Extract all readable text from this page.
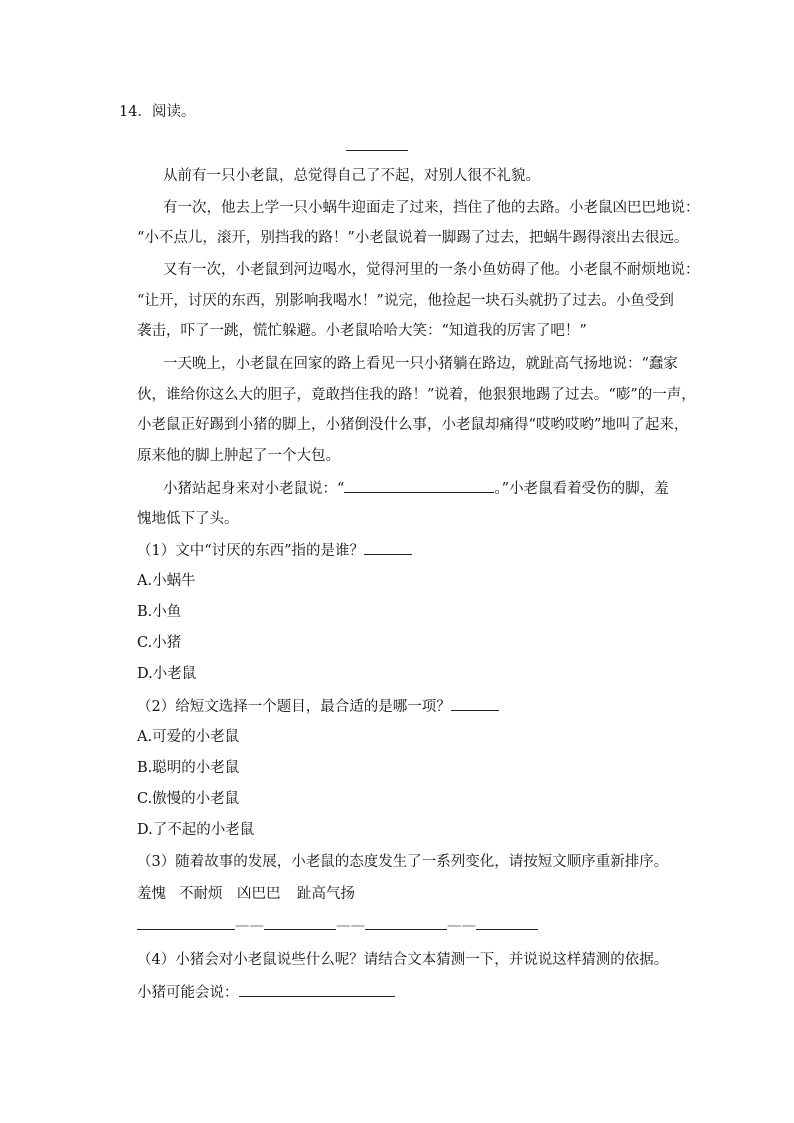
14．阅读。
从前有一只小老鼠，总觉得自己了不起，对别人很不礼貌。
有一次，他去上学一只小蜗牛迎面走了过来，挡住了他的去路。小老鼠凶巴巴地说：
“小不点儿，滚开，别挡我的路！”小老鼠说着一脚踢了过去，把蜗牛踢得滚出去很远。
又有一次，小老鼠到河边喝水，觉得河里的一条小鱼妨碍了他。小老鼠不耐烦地说：
“让开，讨厌的东西，别影响我喝水！”说完，他捡起一块石头就扔了过去。小鱼受到
袭击，吓了一跳，慌忙躲避。小老鼠哈哈大笑：“知道我的厉害了吧！”
一天晚上，小老鼠在回家的路上看见一只小猪躺在路边，就趾高气扬地说：“蠢家
伙，谁给你这么大的胆子，竟敢挡住我的路！”说着，他狠狠地踢了过去。“嘭”的一声，
小老鼠正好踢到小猪的脚上，小猪倒没什么事，小老鼠却痛得“哎哟哎哟”地叫了起来，
原来他的脚上肿起了一个大包。
小猪站起身来对小老鼠说：“	。”小老鼠看着受伤的脚，羞
愧地低下了头。
（1）文中“讨厌的东西”指的是谁？
A.小蜗牛
B.小鱼
C.小猪
D.小老鼠
（2）给短文选择一个题目，最合适的是哪一项？
A.可爱的小老鼠
B.聪明的小老鼠
C.傲慢的小老鼠
D.了不起的小老鼠
（3）随着故事的发展，小老鼠的态度发生了一系列变化，请按短文顺序重新排序。
羞愧 不耐烦 凶巴巴 趾高气扬
——	——	——
（4）小猪会对小老鼠说些什么呢？请结合文本猜测一下，并说说这样猜测的依据。
小猪可能会说：
